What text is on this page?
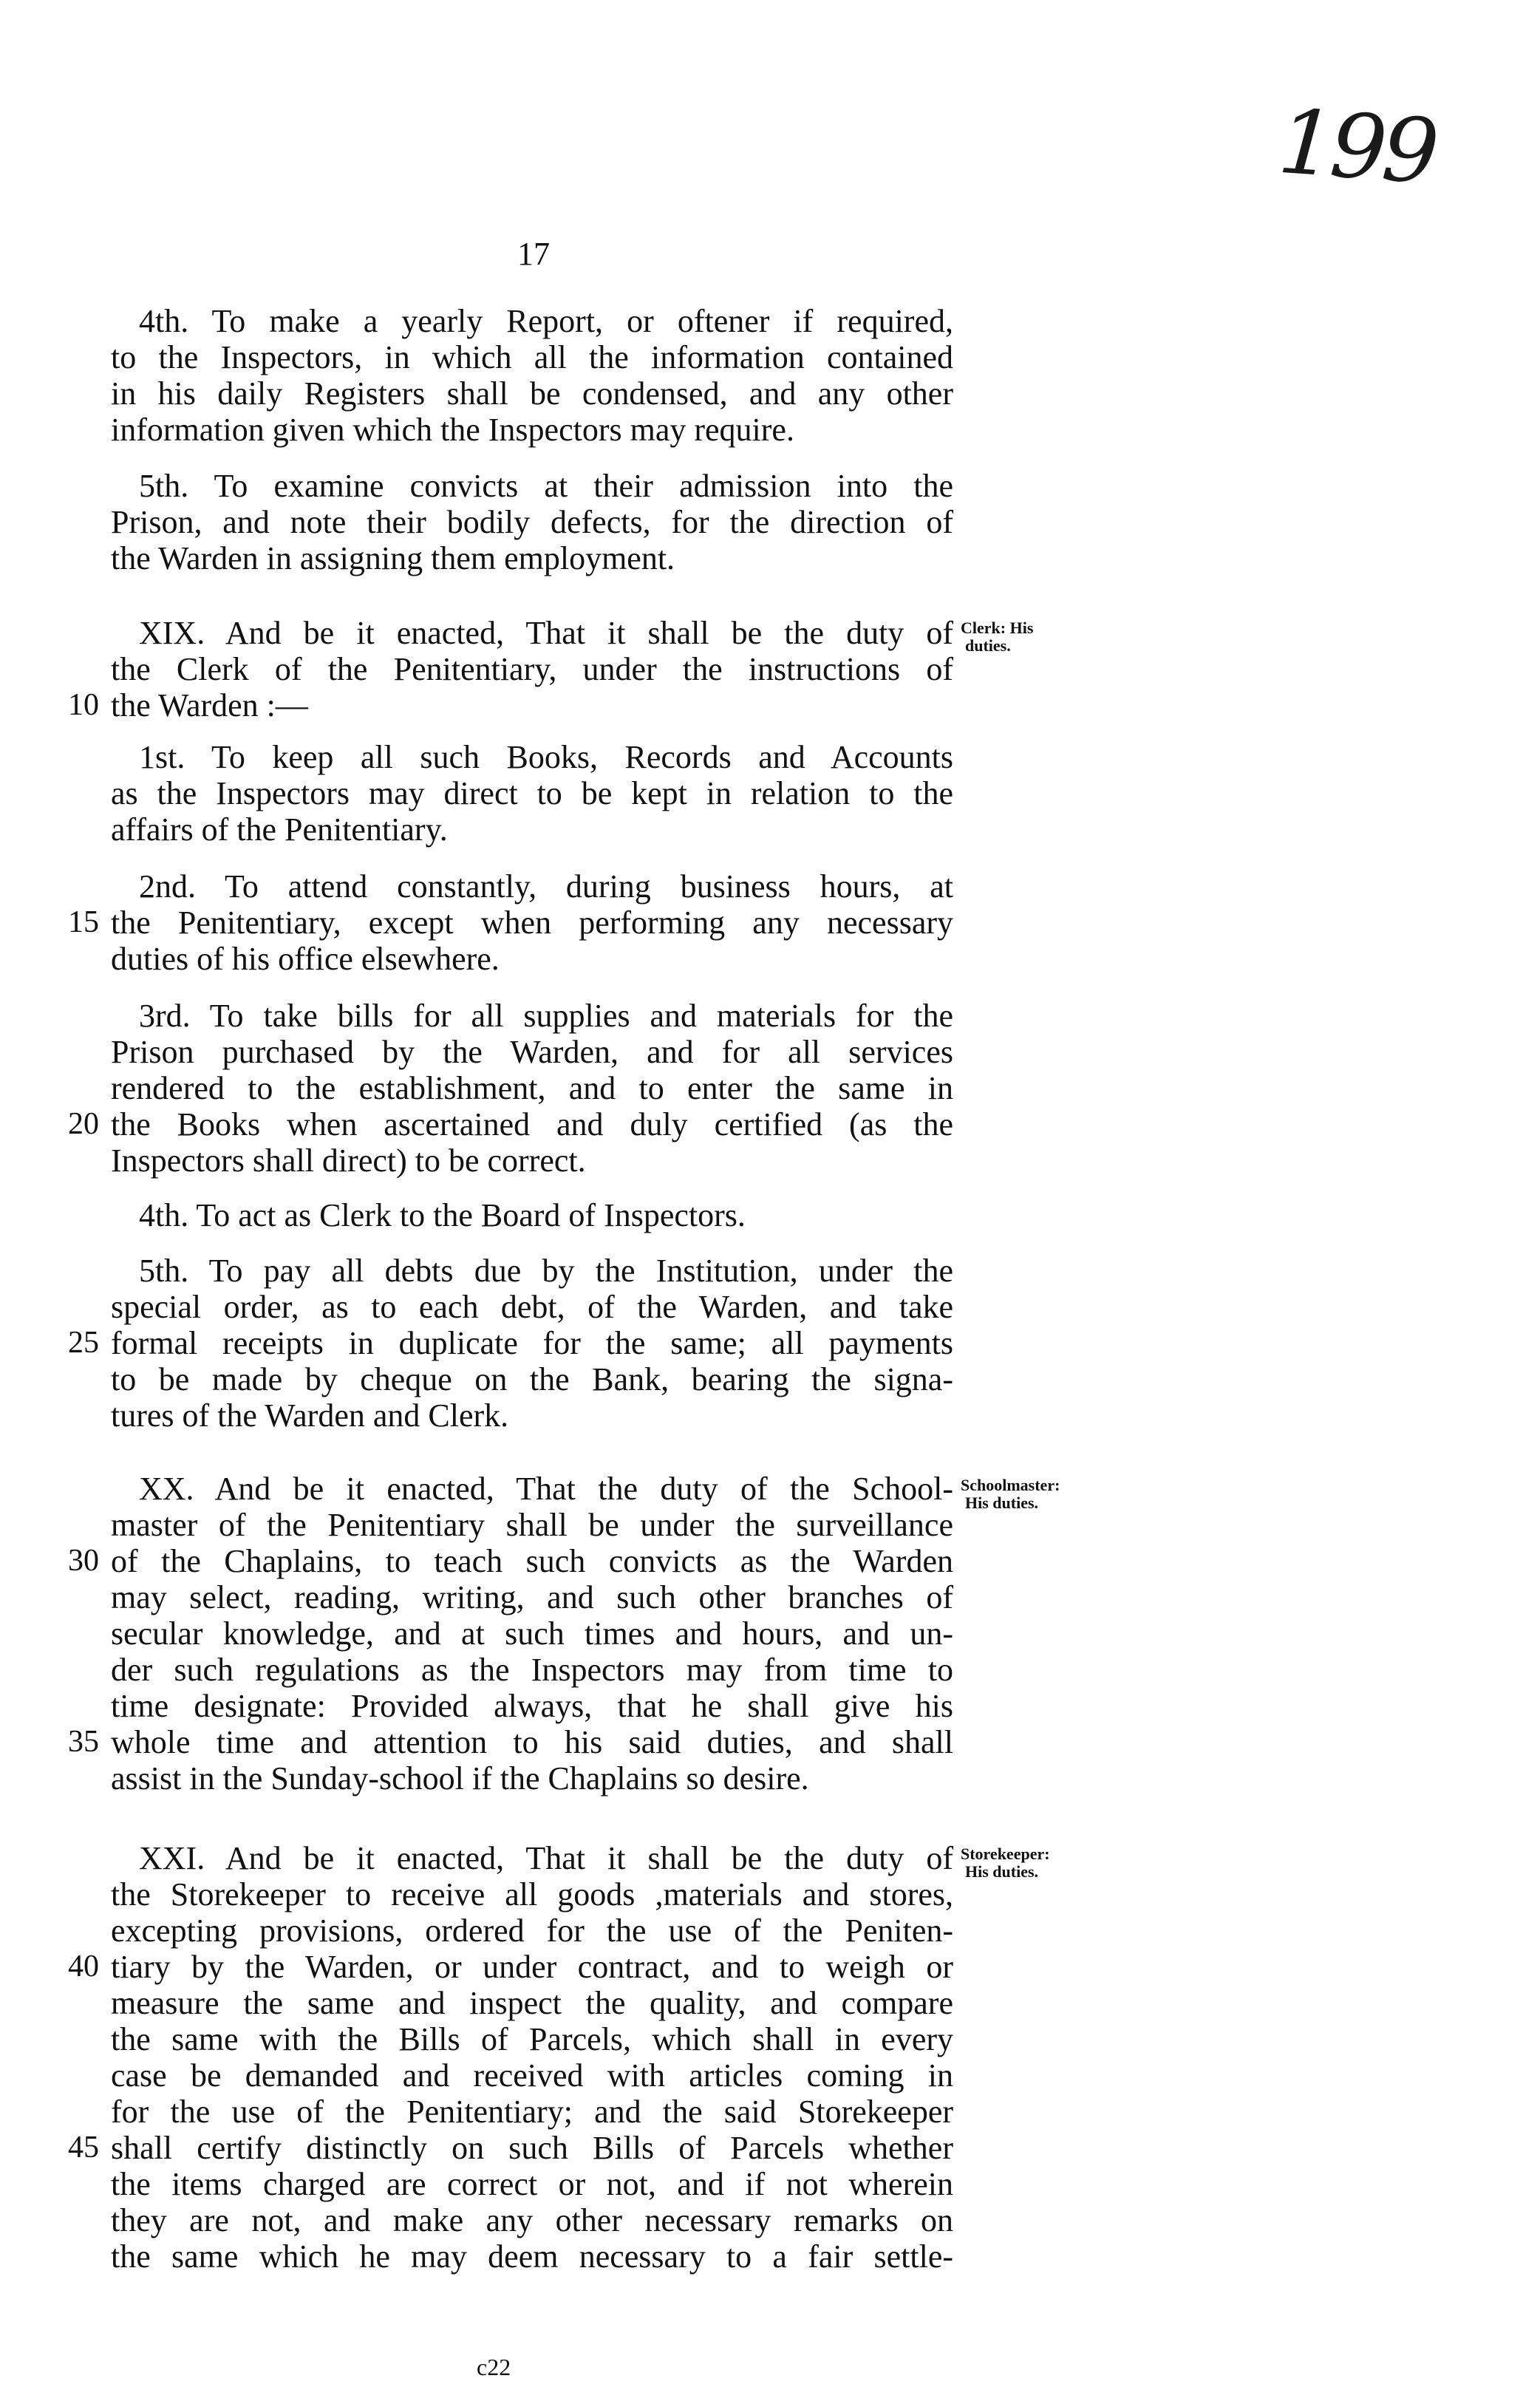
199
17
4th. To make a yearly Report, or oftener if required,
to the Inspectors, in which all the information contained
in his daily Registers shall be condensed, and any other
information given which the Inspectors may require.
5th. To examine convicts at their admission into the
Prison, and note their bodily defects, for the direction of
the Warden in assigning them employment.
XIX. And be it enacted, That it shall be the duty of
the Clerk of the Penitentiary, under the instructions of
10 the Warden :—
1st. To keep all such Books, Records and Accounts
as the Inspectors may direct to be kept in relation to the
affairs of the Penitentiary.
2nd. To attend constantly, during business hours, at
15 the Penitentiary, except when performing any necessary
duties of his office elsewhere.
3rd. To take bills for all supplies and materials for the
Prison purchased by the Warden, and for all services
rendered to the establishment, and to enter the same in
20 the Books when ascertained and duly certified (as the
Inspectors shall direct) to be correct.
4th. To act as Clerk to the Board of Inspectors.
5th. To pay all debts due by the Institution, under the
special order, as to each debt, of the Warden, and take
25 formal receipts in duplicate for the same; all payments
to be made by cheque on the Bank, bearing the signa-
tures of the Warden and Clerk.
XX. And be it enacted, That the duty of the School-
master of the Penitentiary shall be under the surveillance
30 of the Chaplains, to teach such convicts as the Warden
may select, reading, writing, and such other branches of
secular knowledge, and at such times and hours, and un-
der such regulations as the Inspectors may from time to
time designate: Provided always, that he shall give his
35 whole time and attention to his said duties, and shall
assist in the Sunday-school if the Chaplains so desire.
XXI. And be it enacted, That it shall be the duty of
the Storekeeper to receive all goods ,materials and stores,
excepting provisions, ordered for the use of the Peniten-
40 tiary by the Warden, or under contract, and to weigh or
measure the same and inspect the quality, and compare
the same with the Bills of Parcels, which shall in every
case be demanded and received with articles coming in
for the use of the Penitentiary; and the said Storekeeper
45 shall certify distinctly on such Bills of Parcels whether
the items charged are correct or not, and if not wherein
they are not, and make any other necessary remarks on
the same which he may deem necessary to a fair settle-
Clerk: His
duties.
Schoolmaster:
His duties.
Storekeeper:
His duties.
c22
